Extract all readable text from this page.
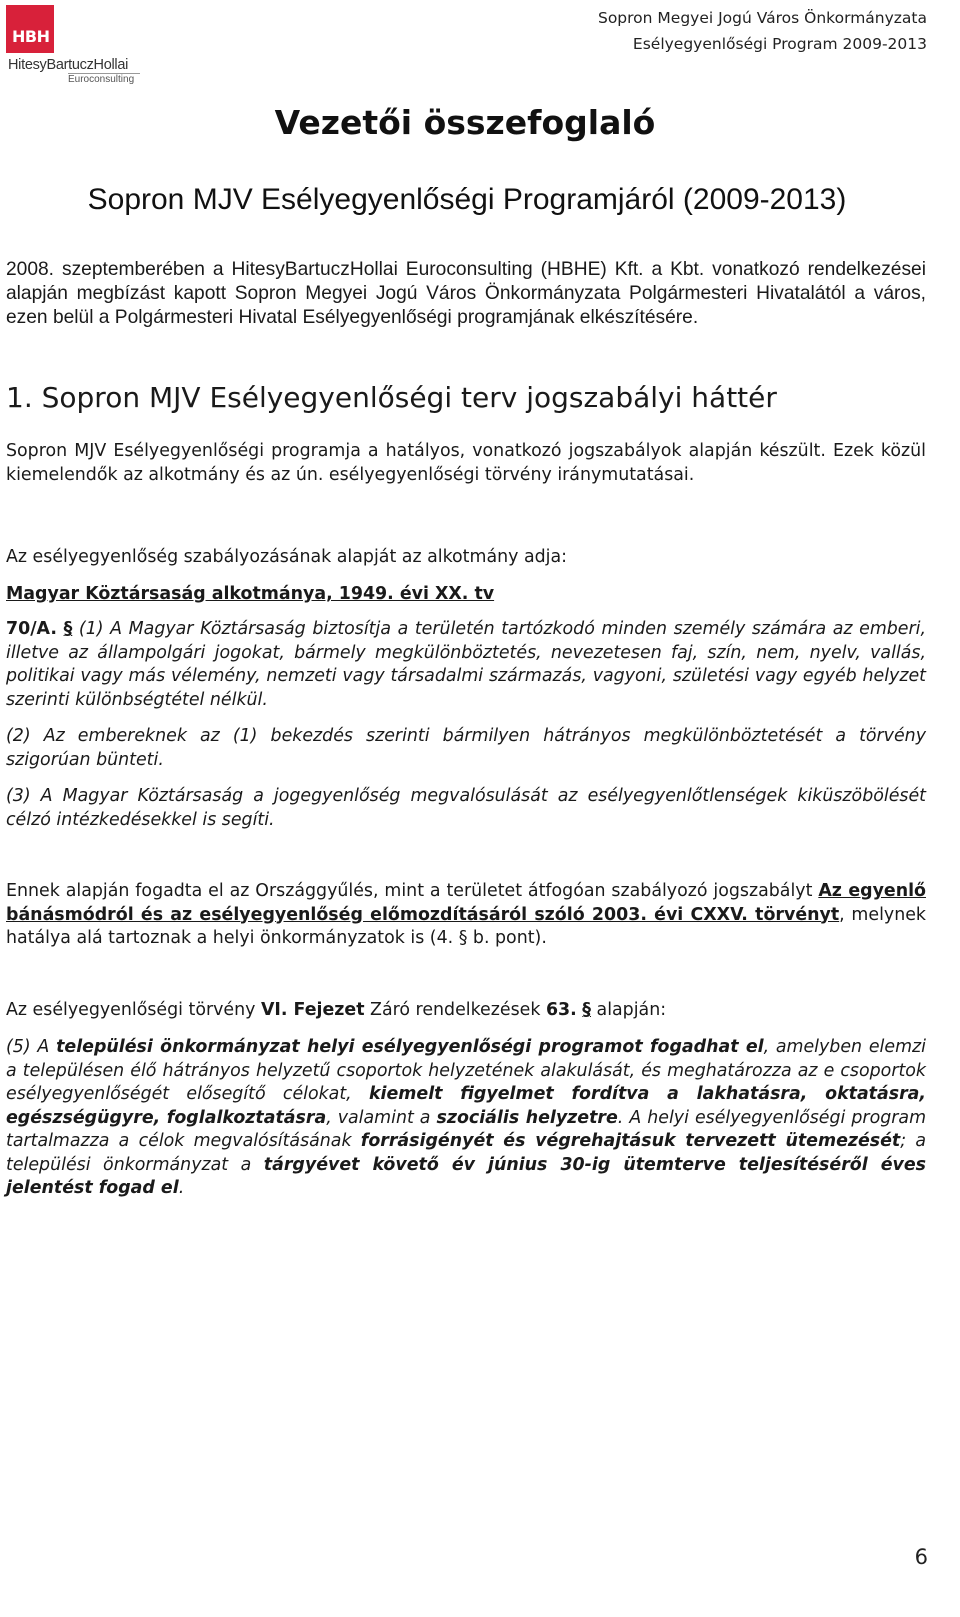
HBH
HitesyBartuczHollai
Euroconsulting
Sopron Megyei Jogú Város Önkormányzata
Esélyegyenlőségi Program 2009-2013
Vezetői összefoglaló
Sopron MJV Esélyegyenlőségi Programjáról (2009-2013)

2008. szeptemberében a HitesyBartuczHollai Euroconsulting (HBHE) Kft. a Kbt. vonatkozó rendelkezései alapján megbízást kapott Sopron Megyei Jogú Város Önkormányzata Polgármesteri Hivatalától a város, ezen belül a Polgármesteri Hivatal Esélyegyenlőségi programjának elkészítésére.

1. Sopron MJV Esélyegyenlőségi terv jogszabályi háttér

Sopron MJV Esélyegyenlőségi programja a hatályos, vonatkozó jogszabályok alapján készült. Ezek közül kiemelendők az alkotmány és az ún. esélyegyenlőségi törvény iránymutatásai.

Az esélyegyenlőség szabályozásának alapját az alkotmány adja:

Magyar Köztársaság alkotmánya, 1949. évi XX. tv

70/A. § (1) A Magyar Köztársaság biztosítja a területén tartózkodó minden személy számára az emberi, illetve az állampolgári jogokat, bármely megkülönböztetés, nevezetesen faj, szín, nem, nyelv, vallás, politikai vagy más vélemény, nemzeti vagy társadalmi származás, vagyoni, születési vagy egyéb helyzet szerinti különbségtétel nélkül.

(2) Az embereknek az (1) bekezdés szerinti bármilyen hátrányos megkülönböztetését a törvény szigorúan bünteti.

(3) A Magyar Köztársaság a jogegyenlőség megvalósulását az esélyegyenlőtlenségek kiküszöbölését célzó intézkedésekkel is segíti.

Ennek alapján fogadta el az Országgyűlés, mint a területet átfogóan szabályozó jogszabályt Az egyenlő bánásmódról és az esélyegyenlőség előmozdításáról szóló 2003. évi CXXV. törvényt, melynek hatálya alá tartoznak a helyi önkormányzatok is (4. § b. pont).

Az esélyegyenlőségi törvény VI. Fejezet Záró rendelkezések 63. § alapján:

(5) A települési önkormányzat helyi esélyegyenlőségi programot fogadhat el, amelyben elemzi a településen élő hátrányos helyzetű csoportok helyzetének alakulását, és meghatározza az e csoportok esélyegyenlőségét elősegítő célokat, kiemelt figyelmet fordítva a lakhatásra, oktatásra, egészségügyre, foglalkoztatásra, valamint a szociális helyzetre. A helyi esélyegyenlőségi program tartalmazza a célok megvalósításának forrásigényét és végrehajtásuk tervezett ütemezését; a települési önkormányzat a tárgyévet követő év június 30-ig ütemterve teljesítéséről éves jelentést fogad el.

6
